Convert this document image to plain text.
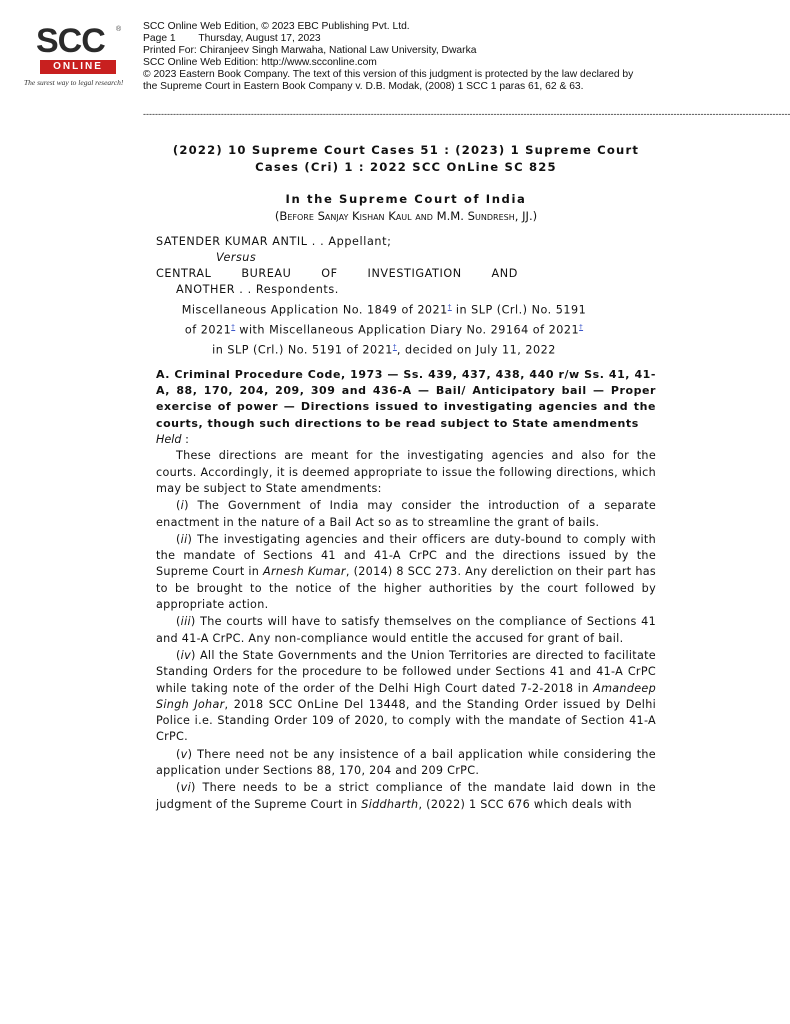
SCC ®
ONLINE
The surest way to legal research!
SCC Online Web Edition, © 2023 EBC Publishing Pvt. Ltd.
Page 1        Thursday, August 17, 2023
Printed For: Chiranjeev Singh Marwaha, National Law University, Dwarka
SCC Online Web Edition: http://www.scconline.com
© 2023 Eastern Book Company. The text of this version of this judgment is protected by the law declared by the Supreme Court in Eastern Book Company v. D.B. Modak, (2008) 1 SCC 1 paras 61, 62 & 63.
------------------------------------------------------------------------------------------------------------------------------------------------------------------------------------------------------------------------
(2022) 10 Supreme Court Cases 51 : (2023) 1 Supreme Court Cases (Cri) 1 : 2022 SCC OnLine SC 825
In the Supreme Court of India
(Before Sanjay Kishan Kaul and M.M. Sundresh, JJ.)
SATENDER KUMAR ANTIL . . Appellant;
Versus
CENTRAL	BUREAU	OF	INVESTIGATION	AND
ANOTHER . . Respondents.
Miscellaneous Application No. 1849 of 2021† in SLP (Crl.) No. 5191
of 2021† with Miscellaneous Application Diary No. 29164 of 2021†
in SLP (Crl.) No. 5191 of 2021†, decided on July 11, 2022
A. Criminal Procedure Code, 1973 — Ss. 439, 437, 438, 440 r/w Ss. 41, 41-A, 88, 170, 204, 209, 309 and 436-A — Bail/ Anticipatory bail — Proper exercise of power — Directions issued to investigating agencies and the courts, though such directions to be read subject to State amendments
Held :

These directions are meant for the investigating agencies and also for the courts. Accordingly, it is deemed appropriate to issue the following directions, which may be subject to State amendments:

(i) The Government of India may consider the introduction of a separate enactment in the nature of a Bail Act so as to streamline the grant of bails.

(ii) The investigating agencies and their officers are duty-bound to comply with the mandate of Sections 41 and 41-A CrPC and the directions issued by the Supreme Court in Arnesh Kumar, (2014) 8 SCC 273. Any dereliction on their part has to be brought to the notice of the higher authorities by the court followed by appropriate action.

(iii) The courts will have to satisfy themselves on the compliance of Sections 41 and 41-A CrPC. Any non-compliance would entitle the accused for grant of bail.

(iv) All the State Governments and the Union Territories are directed to facilitate Standing Orders for the procedure to be followed under Sections 41 and 41-A CrPC while taking note of the order of the Delhi High Court dated 7-2-2018 in Amandeep Singh Johar, 2018 SCC OnLine Del 13448, and the Standing Order issued by Delhi Police i.e. Standing Order 109 of 2020, to comply with the mandate of Section 41-A CrPC.

(v) There need not be any insistence of a bail application while considering the application under Sections 88, 170, 204 and 209 CrPC.

(vi) There needs to be a strict compliance of the mandate laid down in the judgment of the Supreme Court in Siddharth, (2022) 1 SCC 676 which deals with
